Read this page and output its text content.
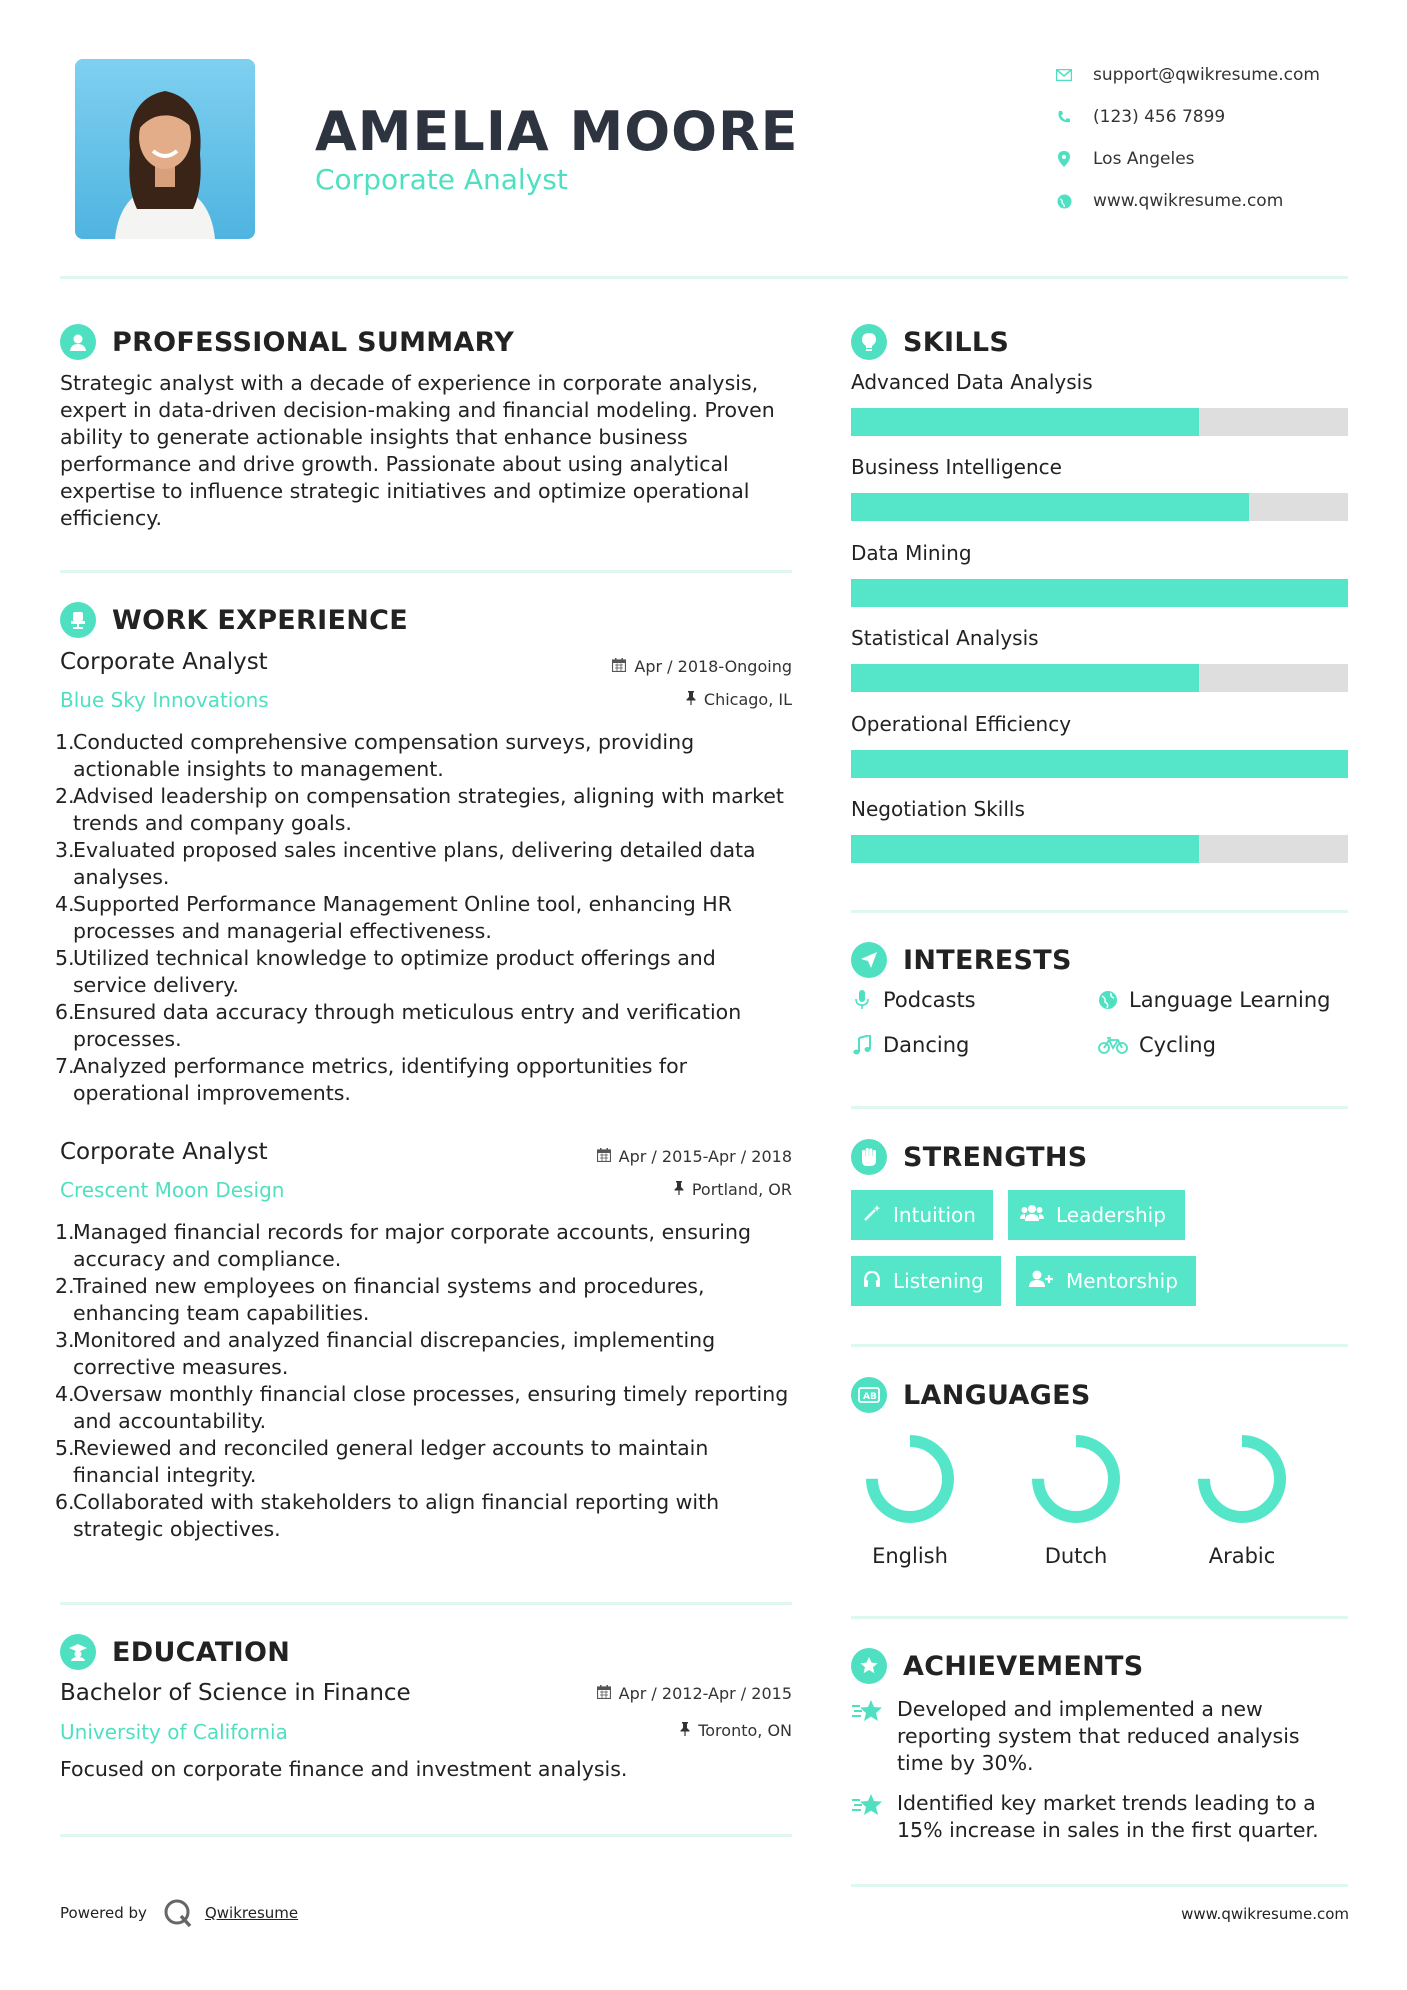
AMELIA MOORE
Corporate Analyst
support@qwikresume.com
(123) 456 7899
Los Angeles
www.qwikresume.com
PROFESSIONAL SUMMARY
Strategic analyst with a decade of experience in corporate analysis, expert in data-driven decision-making and financial modeling. Proven ability to generate actionable insights that enhance business performance and drive growth. Passionate about using analytical expertise to influence strategic initiatives and optimize operational efficiency.
WORK EXPERIENCE
Corporate Analyst	Apr / 2018-Ongoing
Blue Sky Innovations	Chicago, IL
1.
Conducted comprehensive compensation surveys, providing actionable insights to management.
2.
Advised leadership on compensation strategies, aligning with market trends and company goals.
3.
Evaluated proposed sales incentive plans, delivering detailed data analyses.
4.
Supported Performance Management Online tool, enhancing HR processes and managerial effectiveness.
5.
Utilized technical knowledge to optimize product offerings and service delivery.
6.
Ensured data accuracy through meticulous entry and verification processes.
7.
Analyzed performance metrics, identifying opportunities for operational improvements.
Corporate Analyst	Apr / 2015-Apr / 2018
Crescent Moon Design	Portland, OR
1.
Managed financial records for major corporate accounts, ensuring accuracy and compliance.
2.
Trained new employees on financial systems and procedures, enhancing team capabilities.
3.
Monitored and analyzed financial discrepancies, implementing corrective measures.
4.
Oversaw monthly financial close processes, ensuring timely reporting and accountability.
5.
Reviewed and reconciled general ledger accounts to maintain financial integrity.
6.
Collaborated with stakeholders to align financial reporting with strategic objectives.
EDUCATION
Bachelor of Science in Finance	Apr / 2012-Apr / 2015
University of California	Toronto, ON
Focused on corporate finance and investment analysis.
SKILLS
Advanced Data Analysis
Business Intelligence
Data Mining
Statistical Analysis
Operational Efficiency
Negotiation Skills
INTERESTS
Podcasts	Language Learning
Dancing	Cycling
STRENGTHS
Intuition	Leadership
Listening	Mentorship
A B LANGUAGES
English	Dutch	Arabic
ACHIEVEMENTS
Developed and implemented a new reporting system that reduced analysis time by 30%.
Identified key market trends leading to a 15% increase in sales in the first quarter.
Powered by	Qwikresume	www.qwikresume.com
